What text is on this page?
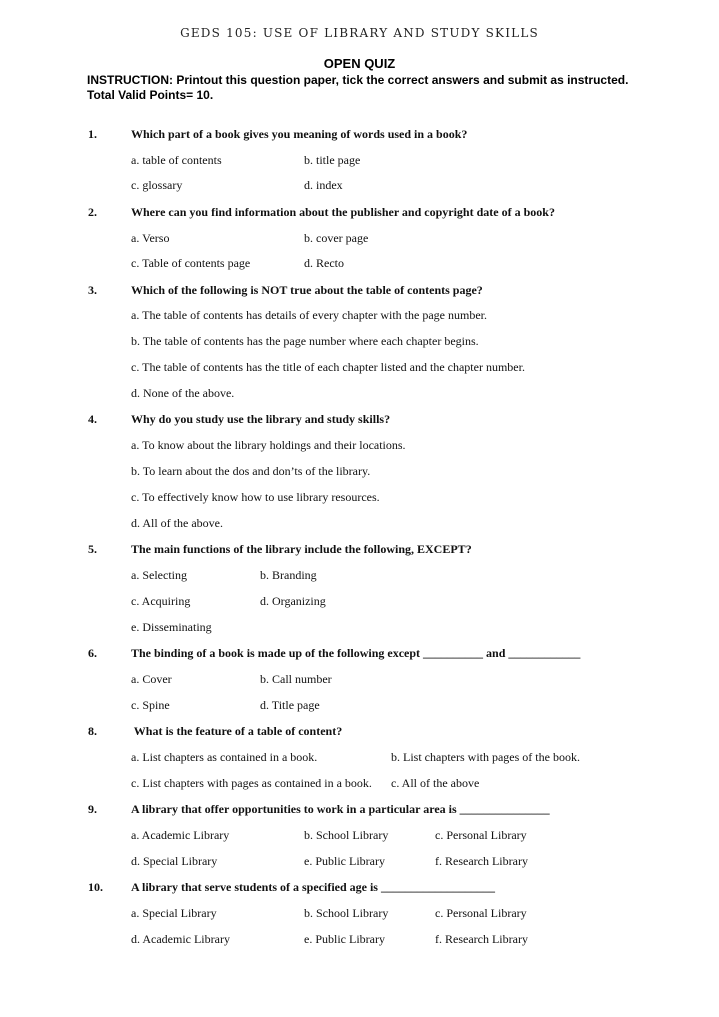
GEDS 105: USE OF LIBRARY AND STUDY SKILLS
OPEN QUIZ
INSTRUCTION: Printout this question paper, tick the correct answers and submit as instructed.
Total Valid Points= 10.
1.	Which part of a book gives you meaning of words used in a book?
a. table of contents	b. title page
c. glossary	d. index
2.	Where can you find information about the publisher and copyright date of a book?
a. Verso	b. cover page
c. Table of contents page	d. Recto
3.	Which of the following is NOT true about the table of contents page?
a. The table of contents has details of every chapter with the page number.
b. The table of contents has the page number where each chapter begins.
c. The table of contents has the title of each chapter listed and the chapter number.
d. None of the above.
4.	Why do you study use the library and study skills?
a. To know about the library holdings and their locations.
b. To learn about the dos and don’ts of the library.
c. To effectively know how to use library resources.
d. All of the above.
5.	The main functions of the library include the following, EXCEPT?
a. Selecting	b. Branding
c. Acquiring	d. Organizing
e. Disseminating
6.	The binding of a book is made up of the following except __________ and ____________
a. Cover	b. Call number
c. Spine	d. Title page
8.	What is the feature of a table of content?
a. List chapters as contained in a book.	b. List chapters with pages of the book.
c. List chapters with pages as contained in a book. c. All of the above
9.	A library that offer opportunities to work in a particular area is _______________
a. Academic Library	b. School Library	c. Personal Library
d. Special Library	e. Public Library	f. Research Library
10. A library that serve students of a specified age is ___________________
a. Special Library	b. School Library	c. Personal Library
d. Academic Library	e. Public Library	f. Research Library
